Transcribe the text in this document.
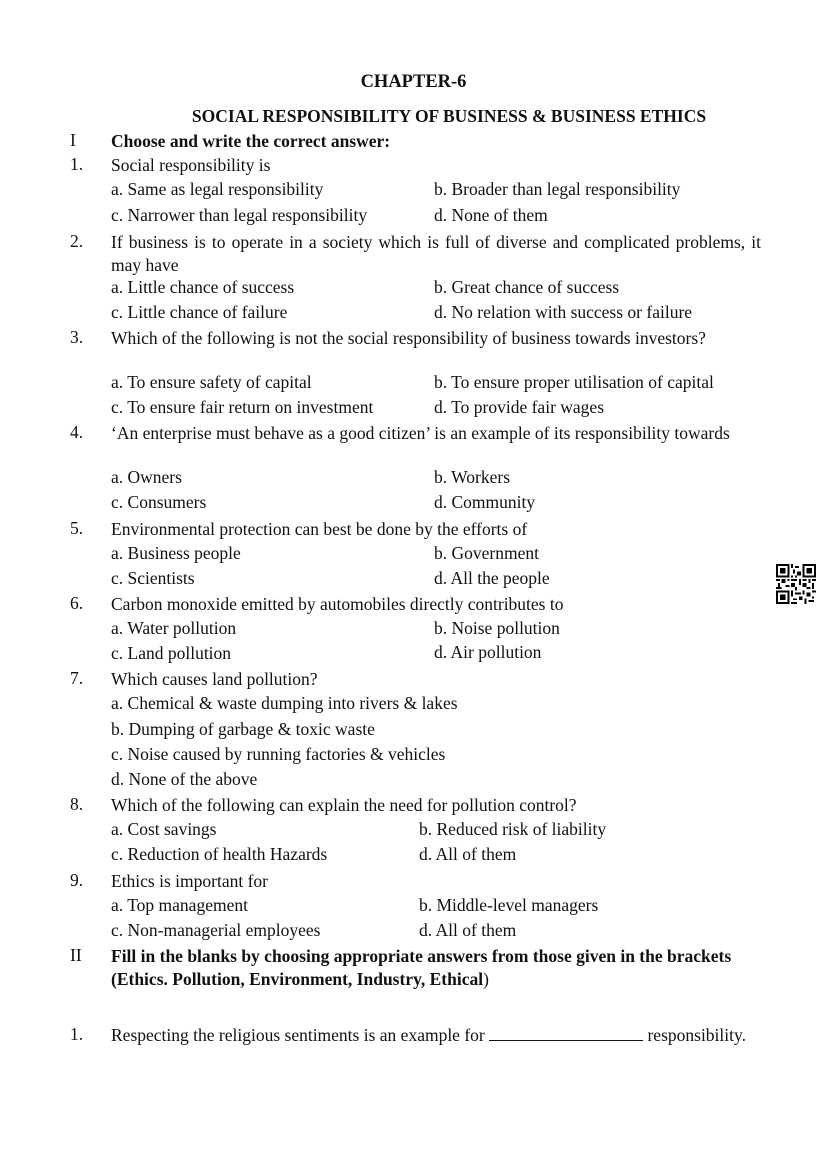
CHAPTER-6
SOCIAL RESPONSIBILITY OF BUSINESS & BUSINESS ETHICS
I Choose and write the correct answer:
1. Social responsibility is
a. Same as legal responsibility	b. Broader than legal responsibility
c. Narrower than legal responsibility	d. None of them
2. If business is to operate in a society which is full of diverse and complicated problems, it may have
a. Little chance of success	b. Great chance of success
c. Little chance of failure	d. No relation with success or failure
3. Which of the following is not the social responsibility of business towards investors?
a. To ensure safety of capital	b. To ensure proper utilisation of capital
c. To ensure fair return on investment	d. To provide fair wages
4. ‘An enterprise must behave as a good citizen’ is an example of its responsibility towards
a. Owners	b. Workers
c. Consumers	d. Community
5. Environmental protection can best be done by the efforts of
a. Business people	b. Government
c. Scientists	d. All the people
6. Carbon monoxide emitted by automobiles directly contributes to
a. Water pollution	b. Noise pollution
c. Land pollution	d. Air pollution
7. Which causes land pollution?
a. Chemical & waste dumping into rivers & lakes
b. Dumping of garbage & toxic waste
c. Noise caused by running factories & vehicles
d. None of the above
8. Which of the following can explain the need for pollution control?
a. Cost savings	b. Reduced risk of liability
c. Reduction of health Hazards	d. All of them
9. Ethics is important for
a. Top management	b. Middle-level managers
c. Non-managerial employees	d. All of them
II Fill in the blanks by choosing appropriate answers from those given in the brackets
(Ethics. Pollution, Environment, Industry, Ethical)
1. Respecting the religious sentiments is an example for	responsibility.
